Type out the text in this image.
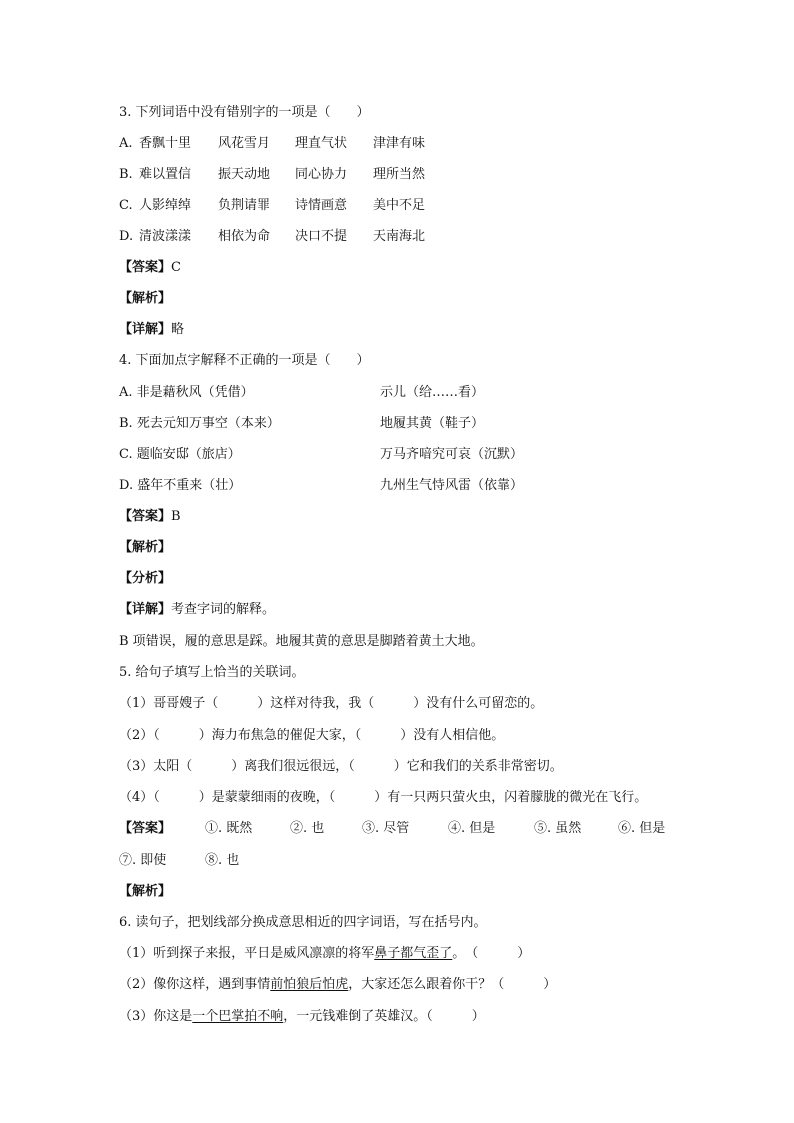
3. 下列词语中没有错别字的一项是（　　）
A. 香飘十里 风花雪月 理直气状 津津有味
B. 难以置信 振天动地 同心协力 理所当然
C. 人影绰绰 负荆请罪 诗情画意 美中不足
D. 清波漾漾 相依为命 决口不提 天南海北
【答案】C
【解析】
【详解】略
4. 下面加点字解释不正确的一项是（　　）
A. 非是藉秋风（凭借）	示儿（给……看）
B. 死去元知万事空（本来）	地履其黄（鞋子）
C. 题临安邸（旅店）	万马齐喑究可哀（沉默）
D. 盛年不重来（壮）	九州生气恃风雷（依靠）
【答案】B
【解析】
【分析】
【详解】考查字词的解释。
B 项错误，履的意思是踩。地履其黄的意思是脚踏着黄土大地。
5. 给句子填写上恰当的关联词。
（1）哥哥嫂子（　　　）这样对待我，我（　　　）没有什么可留恋的。
（2）（　　　）海力布焦急的催促大家，（　　　）没有人相信他。
（3）太阳（　　　）离我们很远很远，（　　　）它和我们的关系非常密切。
（4）（　　　）是蒙蒙细雨的夜晚，（　　　）有一只两只萤火虫，闪着朦胧的微光在飞行。
【答案】	①. 既然	②. 也	③. 尽管	④. 但是	⑤. 虽然	⑥. 但是
⑦. 即使	⑧. 也
【解析】
6. 读句子，把划线部分换成意思相近的四字词语，写在括号内。
（1）听到探子来报，平日是威风凛凛的将军鼻子都气歪了。　（　　　）
（2）像你这样，遇到事情前怕狼后怕虎，大家还怎么跟着你干？（　　　）
（3）你这是一个巴掌拍不响，一元钱难倒了英雄汉。（　　　）
